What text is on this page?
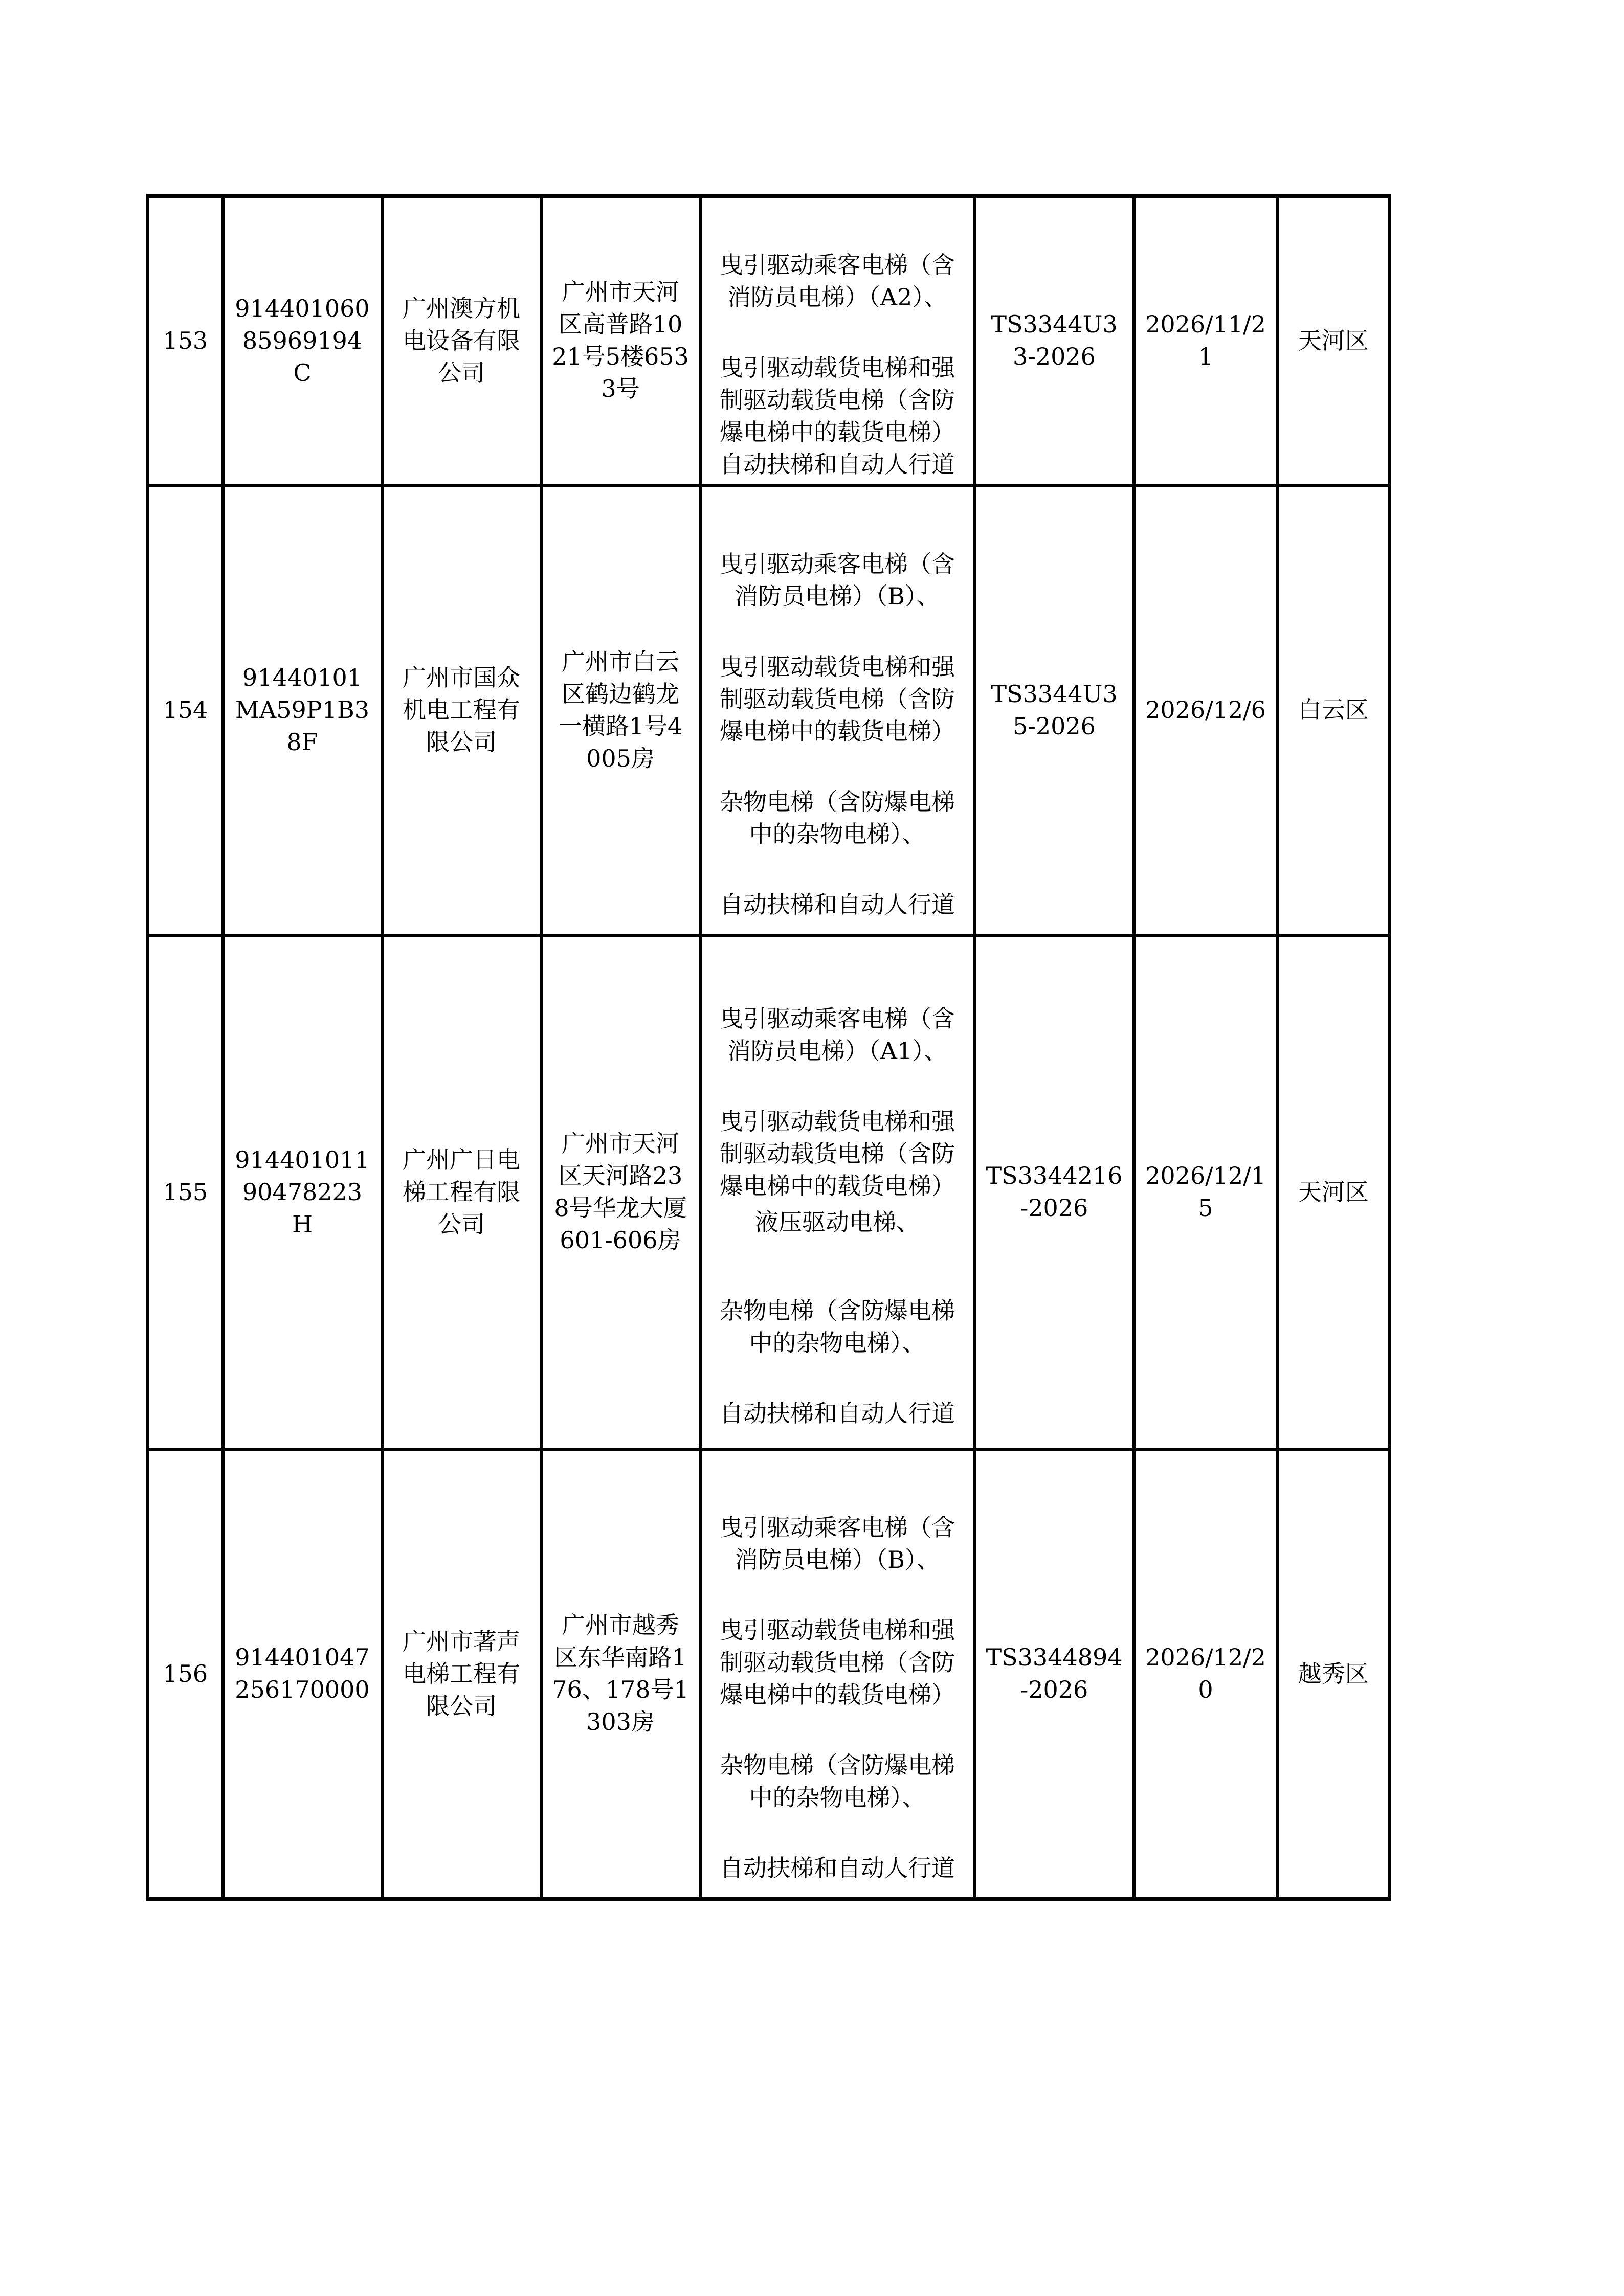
153	91440106085969194C	广州澳方机电设备有限公司	广州市天河区高普路1021号5楼6533号	曳引驱动乘客电梯（含消防员电梯）（A2）、
曳引驱动载货电梯和强制驱动载货电梯（含防爆电梯中的载货电梯）自动扶梯和自动人行道	TS3344U33-2026	2026/11/21	天河区
154	91440101MA59P1B38F	广州市国众机电工程有限公司	广州市白云区鹤边鹤龙一横路1号4005房	曳引驱动乘客电梯（含消防员电梯）（B）、
曳引驱动载货电梯和强制驱动载货电梯（含防爆电梯中的载货电梯）
杂物电梯（含防爆电梯中的杂物电梯）、
自动扶梯和自动人行道	TS3344U35-2026	2026/12/6	白云区
155	91440101190478223H	广州广日电梯工程有限公司	广州市天河区天河路238号华龙大厦601-606房	曳引驱动乘客电梯（含消防员电梯）（A1）、
曳引驱动载货电梯和强制驱动载货电梯（含防爆电梯中的载货电梯）
液压驱动电梯、
杂物电梯（含防爆电梯中的杂物电梯）、
自动扶梯和自动人行道	TS3344216-2026	2026/12/15	天河区
156	914401047256170000	广州市著声电梯工程有限公司	广州市越秀区东华南路176、178号1303房	曳引驱动乘客电梯（含消防员电梯）（B）、
曳引驱动载货电梯和强制驱动载货电梯（含防爆电梯中的载货电梯）
杂物电梯（含防爆电梯中的杂物电梯）、
自动扶梯和自动人行道	TS3344894-2026	2026/12/20	越秀区
